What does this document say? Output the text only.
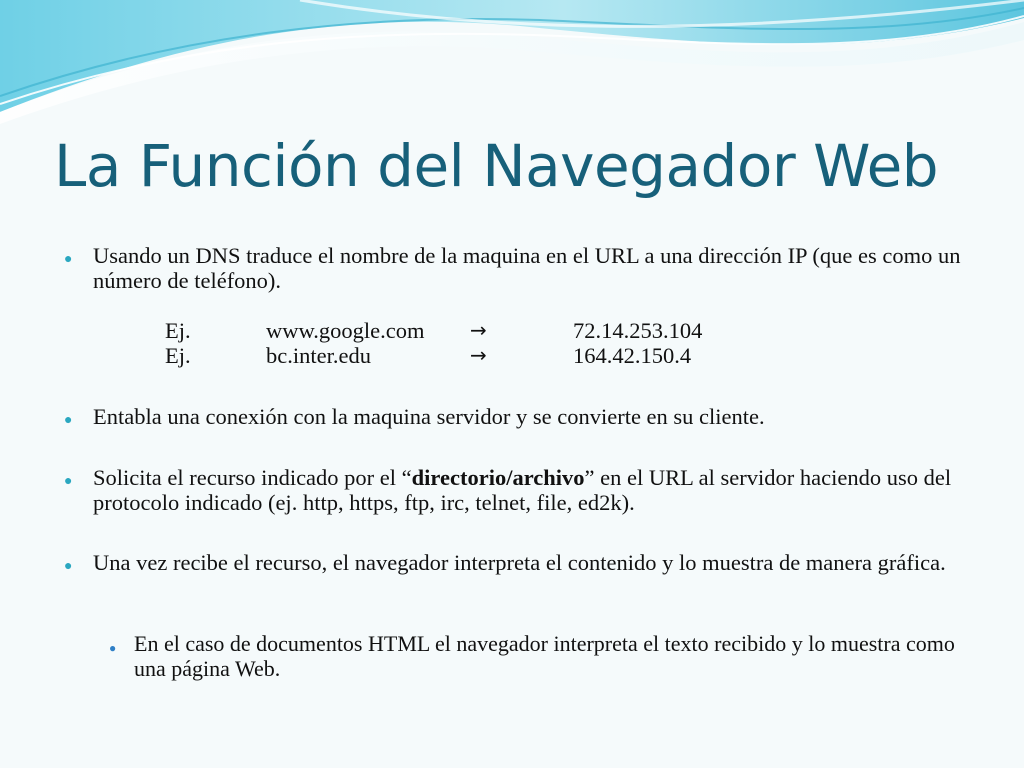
La Función del Navegador Web
● Usando un DNS traduce el nombre de la maquina en el URL a una dirección IP (que es como un número de teléfono).
Ej.	www.google.com →	72.14.253.104
Ej.	bc.inter.edu	→	164.42.150.4
● Entabla una conexión con la maquina servidor y se convierte en su cliente.
● Solicita el recurso indicado por el “directorio/archivo” en el URL al servidor haciendo uso del protocolo indicado (ej. http, https, ftp, irc, telnet, file, ed2k).
● Una vez recibe el recurso, el navegador interpreta el contenido y lo muestra de manera gráfica.
● En el caso de documentos HTML el navegador interpreta el texto recibido y lo muestra como una página Web.
